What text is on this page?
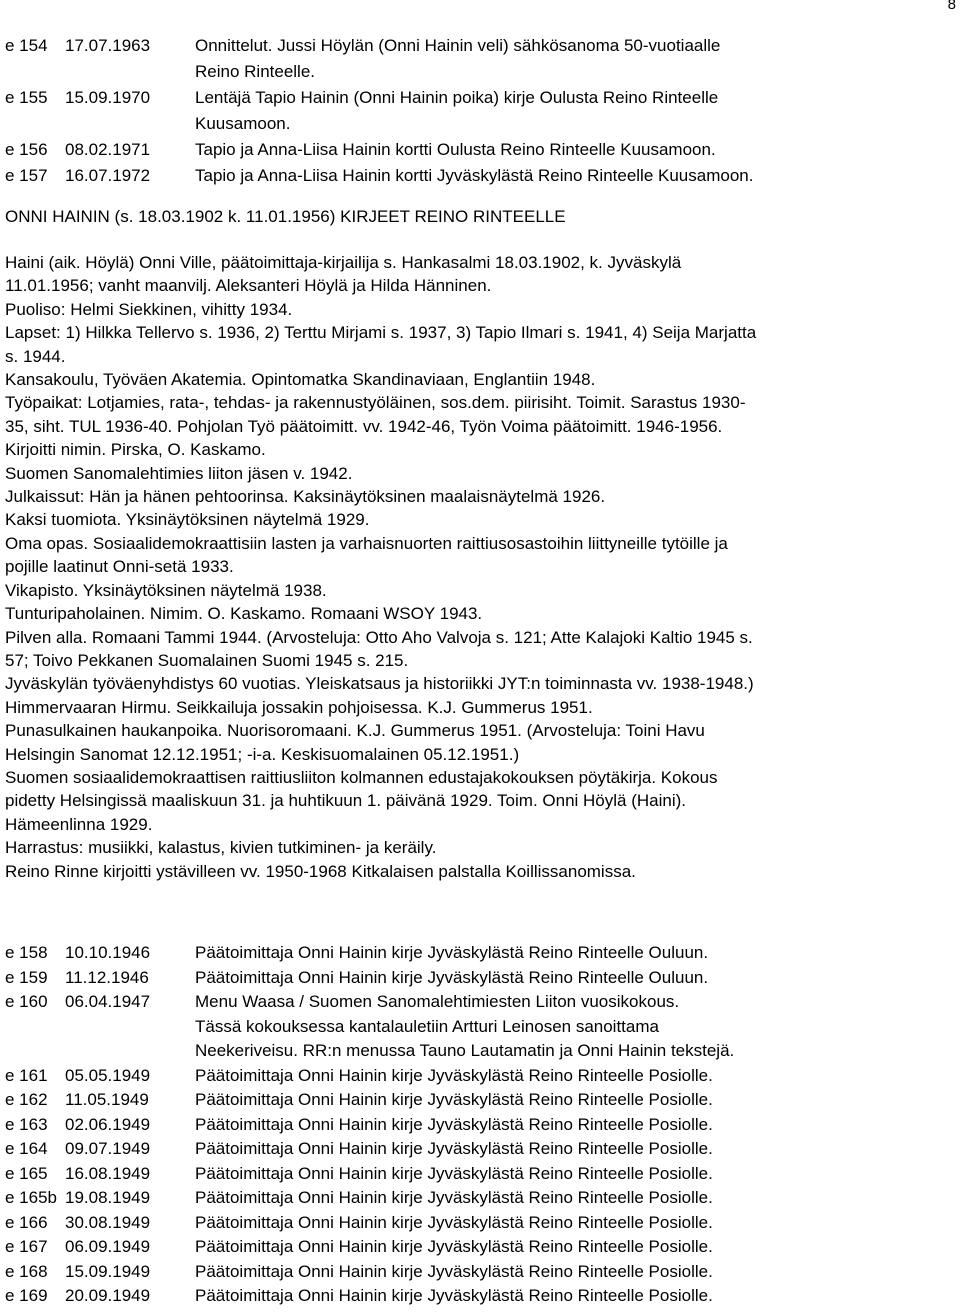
8
e 154	17.07.1963	Onnittelut. Jussi Höylän (Onni Hainin veli) sähkösanoma 50-vuotiaalle
Reino Rinteelle.
e 155	15.09.1970	Lentäjä Tapio Hainin (Onni Hainin poika) kirje Oulusta Reino Rinteelle
Kuusamoon.
e 156	08.02.1971	Tapio ja Anna-Liisa Hainin kortti Oulusta Reino Rinteelle Kuusamoon.
e 157	16.07.1972	Tapio ja Anna-Liisa Hainin kortti Jyväskylästä Reino Rinteelle Kuusamoon.
ONNI HAININ (s. 18.03.1902 k. 11.01.1956) KIRJEET REINO RINTEELLE
Haini (aik. Höylä) Onni Ville, päätoimittaja-kirjailija s. Hankasalmi 18.03.1902, k. Jyväskylä
11.01.1956; vanht maanvilj. Aleksanteri Höylä ja Hilda Hänninen.
Puoliso: Helmi Siekkinen, vihitty 1934.
Lapset: 1) Hilkka Tellervo s. 1936, 2) Terttu Mirjami s. 1937, 3) Tapio Ilmari s. 1941, 4) Seija Marjatta
s. 1944.
Kansakoulu, Työväen Akatemia. Opintomatka Skandinaviaan, Englantiin 1948.
Työpaikat: Lotjamies, rata-, tehdas- ja rakennustyöläinen, sos.dem. piirisiht. Toimit. Sarastus 1930-
35, siht. TUL 1936-40. Pohjolan Työ päätoimitt. vv. 1942-46, Työn Voima päätoimitt. 1946-1956.
Kirjoitti nimin. Pirska, O. Kaskamo.
Suomen Sanomalehtimies liiton jäsen v. 1942.
Julkaissut: Hän ja hänen pehtoorinsa. Kaksinäytöksinen maalaisnäytelmä 1926.
Kaksi tuomiota. Yksinäytöksinen näytelmä 1929.
Oma opas. Sosiaalidemokraattisiin lasten ja varhaisnuorten raittiusosastoihin liittyneille tytöille ja
pojille laatinut Onni-setä 1933.
Vikapisto. Yksinäytöksinen näytelmä 1938.
Tunturipaholainen. Nimim. O. Kaskamo. Romaani WSOY 1943.
Pilven alla. Romaani Tammi 1944. (Arvosteluja: Otto Aho Valvoja s. 121; Atte Kalajoki Kaltio 1945 s.
57; Toivo Pekkanen Suomalainen Suomi 1945 s. 215.
Jyväskylän työväenyhdistys 60 vuotias. Yleiskatsaus ja historiikki JYT:n toiminnasta vv. 1938-1948.)
Himmervaaran Hirmu. Seikkailuja jossakin pohjoisessa. K.J. Gummerus 1951.
Punasulkainen haukanpoika. Nuorisoromaani. K.J. Gummerus 1951. (Arvosteluja: Toini Havu
Helsingin Sanomat 12.12.1951; -i-a. Keskisuomalainen 05.12.1951.)
Suomen sosiaalidemokraattisen raittiusliiton kolmannen edustajakokouksen pöytäkirja. Kokous
pidetty Helsingissä maaliskuun 31. ja huhtikuun 1. päivänä 1929. Toim. Onni Höylä (Haini).
Hämeenlinna 1929.
Harrastus: musiikki, kalastus, kivien tutkiminen- ja keräily.
Reino Rinne kirjoitti ystävilleen vv. 1950-1968 Kitkalaisen palstalla Koillissanomissa.
e 158	10.10.1946	Päätoimittaja Onni Hainin kirje Jyväskylästä Reino Rinteelle Ouluun.
e 159	11.12.1946	Päätoimittaja Onni Hainin kirje Jyväskylästä Reino Rinteelle Ouluun.
e 160	06.04.1947	Menu Waasa / Suomen Sanomalehtimiesten Liiton vuosikokous.
Tässä kokouksessa kantalauletiin Artturi Leinosen sanoittama
Neekeriveisu. RR:n menussa Tauno Lautamatin ja Onni Hainin tekstejä.
e 161	05.05.1949	Päätoimittaja Onni Hainin kirje Jyväskylästä Reino Rinteelle Posiolle.
e 162	11.05.1949	Päätoimittaja Onni Hainin kirje Jyväskylästä Reino Rinteelle Posiolle.
e 163	02.06.1949	Päätoimittaja Onni Hainin kirje Jyväskylästä Reino Rinteelle Posiolle.
e 164	09.07.1949	Päätoimittaja Onni Hainin kirje Jyväskylästä Reino Rinteelle Posiolle.
e 165	16.08.1949	Päätoimittaja Onni Hainin kirje Jyväskylästä Reino Rinteelle Posiolle.
e 165b 19.08.1949	Päätoimittaja Onni Hainin kirje Jyväskylästä Reino Rinteelle Posiolle.
e 166	30.08.1949	Päätoimittaja Onni Hainin kirje Jyväskylästä Reino Rinteelle Posiolle.
e 167	06.09.1949	Päätoimittaja Onni Hainin kirje Jyväskylästä Reino Rinteelle Posiolle.
e 168	15.09.1949	Päätoimittaja Onni Hainin kirje Jyväskylästä Reino Rinteelle Posiolle.
e 169	20.09.1949	Päätoimittaja Onni Hainin kirje Jyväskylästä Reino Rinteelle Posiolle.
